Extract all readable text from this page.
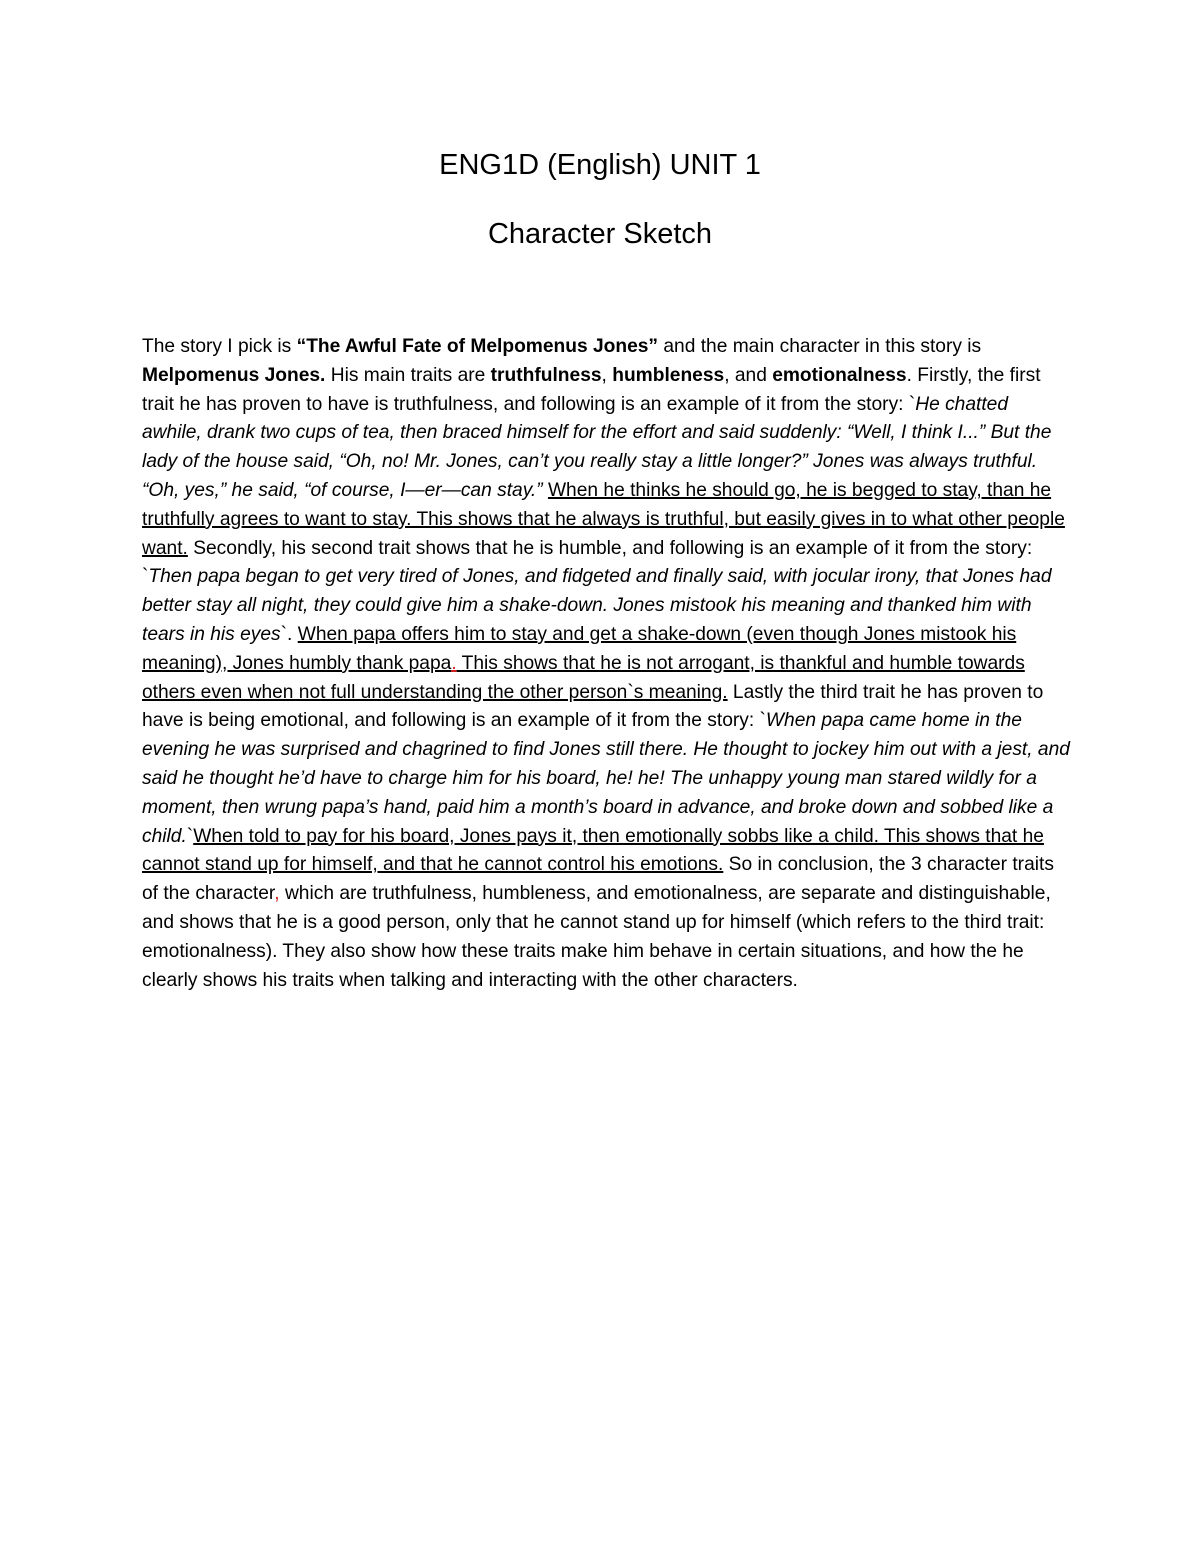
ENG1D (English) UNIT 1
Character Sketch

The story I pick is “The Awful Fate of Melpomenus Jones” and the main character in this story is Melpomenus Jones. His main traits are truthfulness, humbleness, and emotionalness. Firstly, the first trait he has proven to have is truthfulness, and following is an example of it from the story: `He chatted awhile, drank two cups of tea, then braced himself for the effort and said suddenly: “Well, I think I...” But the lady of the house said, “Oh, no! Mr. Jones, can’t you really stay a little longer?” Jones was always truthful. “Oh, yes,” he said, “of course, I—er—can stay.” When he thinks he should go, he is begged to stay, than he truthfully agrees to want to stay. This shows that he always is truthful, but easily gives in to what other people want. Secondly, his second trait shows that he is humble, and following is an example of it from the story: `Then papa began to get very tired of Jones, and fidgeted and finally said, with jocular irony, that Jones had better stay all night, they could give him a shake-down. Jones mistook his meaning and thanked him with tears in his eyes`. When papa offers him to stay and get a shake-down (even though Jones mistook his meaning), Jones humbly thank papa. This shows that he is not arrogant, is thankful and humble towards others even when not full understanding the other person`s meaning. Lastly the third trait he has proven to have is being emotional, and following is an example of it from the story: `When papa came home in the evening he was surprised and chagrined to find Jones still there. He thought to jockey him out with a jest, and said he thought he’d have to charge him for his board, he! he! The unhappy young man stared wildly for a moment, then wrung papa’s hand, paid him a month’s board in advance, and broke down and sobbed like a child.`When told to pay for his board, Jones pays it, then emotionally sobbs like a child. This shows that he cannot stand up for himself, and that he cannot control his emotions. So in conclusion, the 3 character traits of the character, which are truthfulness, humbleness, and emotionalness, are separate and distinguishable, and shows that he is a good person, only that he cannot stand up for himself (which refers to the third trait: emotionalness). They also show how these traits make him behave in certain situations, and how the he clearly shows his traits when talking and interacting with the other characters.
